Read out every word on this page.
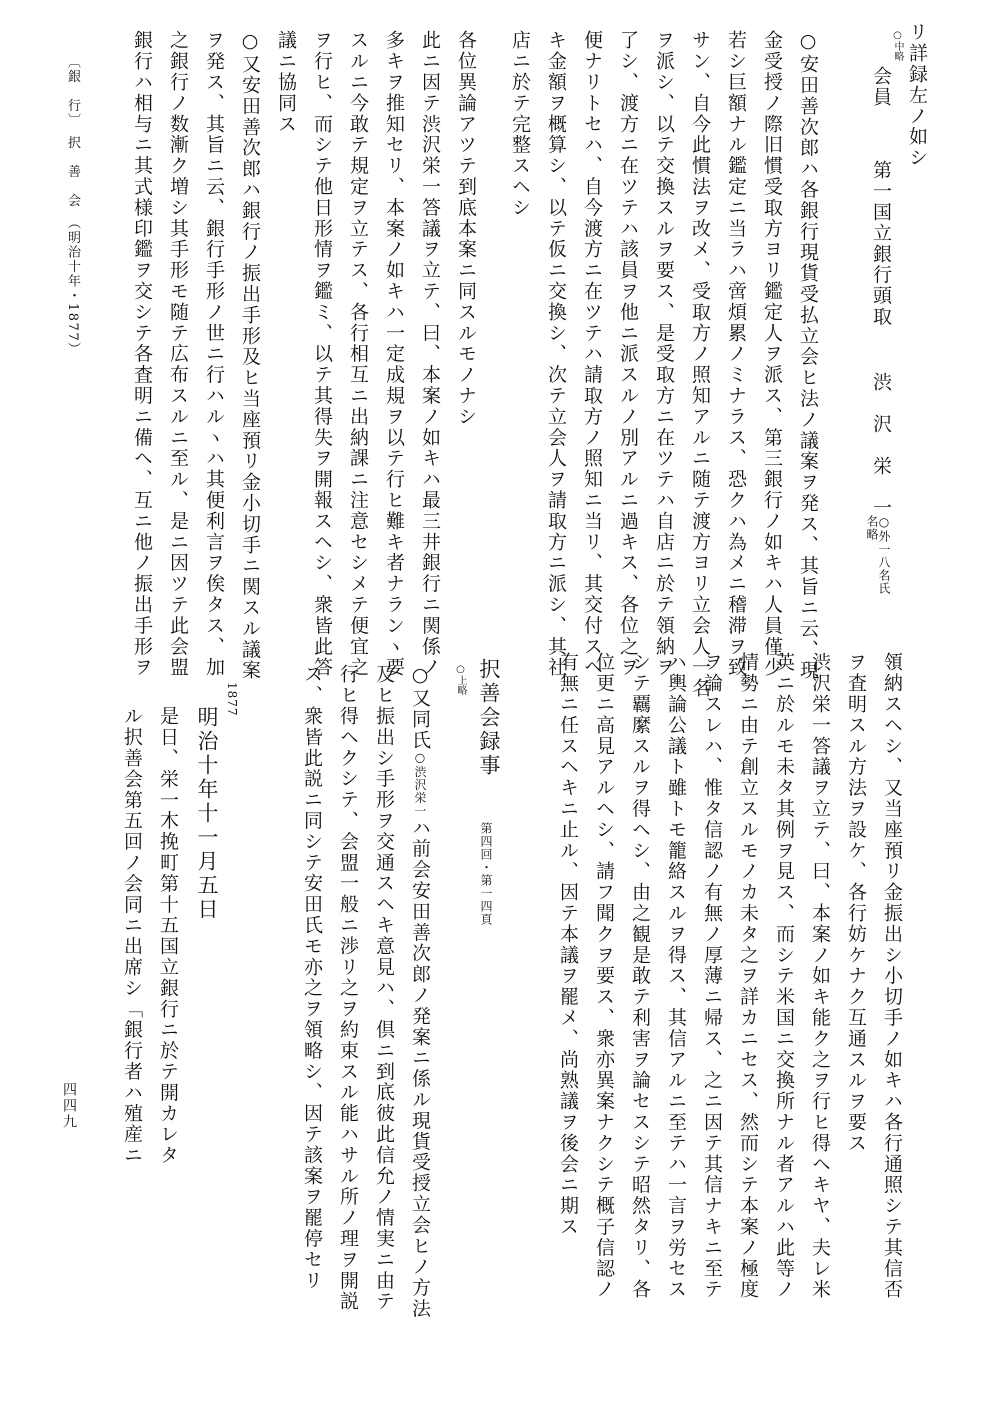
リ詳録左ノ如シ
○中略
会員
第一国立銀行頭取
渋　沢　栄　一
○外一八名氏名略
○安田善次郎ハ各銀行現貨受払立会ヒ法ノ議案ヲ発ス、其旨ニ云、現
金受授ノ際旧慣受取方ヨリ鑑定人ヲ派ス、第三銀行ノ如キハ人員僅少
若シ巨額ナル鑑定ニ当ラハ啻煩累ノミナラス、恐クハ為メニ稽滞ヲ致
サン、自今此慣法ヲ改メ、受取方ノ照知アルニ随テ渡方ヨリ立会人一名
ヲ派シ、以テ交換スルヲ要ス、是受取方ニ在ツテハ自店ニ於テ領納ヲ
了シ、渡方ニ在ツテハ該員ヲ他ニ派スルノ別アルニ過キス、各位之ヲ
便ナリトセハ、自今渡方ニ在ツテハ請取方ノ照知ニ当リ、其交付スヘ
キ金額ヲ概算シ、以テ仮ニ交換シ、次テ立会人ヲ請取方ニ派シ、其社
店ニ於テ完整スヘシ
各位異論アツテ到底本案ニ同スルモノナシ
此ニ因テ渋沢栄一答議ヲ立テ、曰、本案ノ如キハ最三井銀行ニ関係ノ
多キヲ推知セリ、本案ノ如キハ一定成規ヲ以テ行ヒ難キ者ナランヽ要
スルニ今敢テ規定ヲ立テス、各行相互ニ出納課ニ注意セシメテ便宜之
ヲ行ヒ、而シテ他日形情ヲ鑑ミ、以テ其得失ヲ開報スヘシ、衆皆此答
議ニ協同ス
○又安田善次郎ハ銀行ノ振出手形及ヒ当座預リ金小切手ニ関スル議案
ヲ発ス、其旨ニ云、銀行手形ノ世ニ行ハルヽハ其便利言ヲ俟タス、加
之銀行ノ数漸ク増シ其手形モ随テ広布スルニ至ル、是ニ因ツテ此会盟
銀行ハ相与ニ其式様印鑑ヲ交シテ各査明ニ備ヘ、互ニ他ノ振出手形ヲ
〔銀　行〕　択　善　会　（明治十年・1877）
領納スヘシ、又当座預リ金振出シ小切手ノ如キハ各行通照シテ其信否
ヲ査明スル方法ヲ設ケ、各行妨ケナク互通スルヲ要ス
渋沢栄一答議ヲ立テ、曰、本案ノ如キ能ク之ヲ行ヒ得ヘキヤ、夫レ米
英ニ於ルモ未タ其例ヲ見ス、而シテ米国ニ交換所ナル者アルハ此等ノ
情勢ニ由テ創立スルモノカ未タ之ヲ詳カニセス、然而シテ本案ノ極度
ヲ論スレハ、惟タ信認ノ有無ノ厚薄ニ帰ス、之ニ因テ其信ナキニ至テ
ハ輿論公議ト雖トモ籠絡スルヲ得ス、其信アルニ至テハ一言ヲ労セス
シテ覊縻スルヲ得ヘシ、由之観是敢テ利害ヲ論セスシテ昭然タリ、各
位更ニ高見アルヘシ、請フ聞クヲ要ス、衆亦異案ナクシテ概子信認ノ
有無ニ任スヘキニ止ル、因テ本議ヲ罷メ、尚熟議ヲ後会ニ期ス
択善会録事
第四回・第一四頁
○上略
○又同氏○渋沢栄一ハ前会安田善次郎ノ発案ニ係ル現貨受授立会ヒノ方法
及ヒ振出シ手形ヲ交通スヘキ意見ハ、倶ニ到底彼此信允ノ情実ニ由テ
行ヒ得ヘクシテ、会盟一般ニ渉リ之ヲ約束スル能ハサル所ノ理ヲ開説
ス、衆皆此説ニ同シテ安田氏モ亦之ヲ領略シ、因テ該案ヲ罷停セリ
1877
明治十年十一月五日
是日、栄一木挽町第十五国立銀行ニ於テ開カレタ
ル択善会第五回ノ会同ニ出席シ「銀行者ハ殖産ニ
四四九
